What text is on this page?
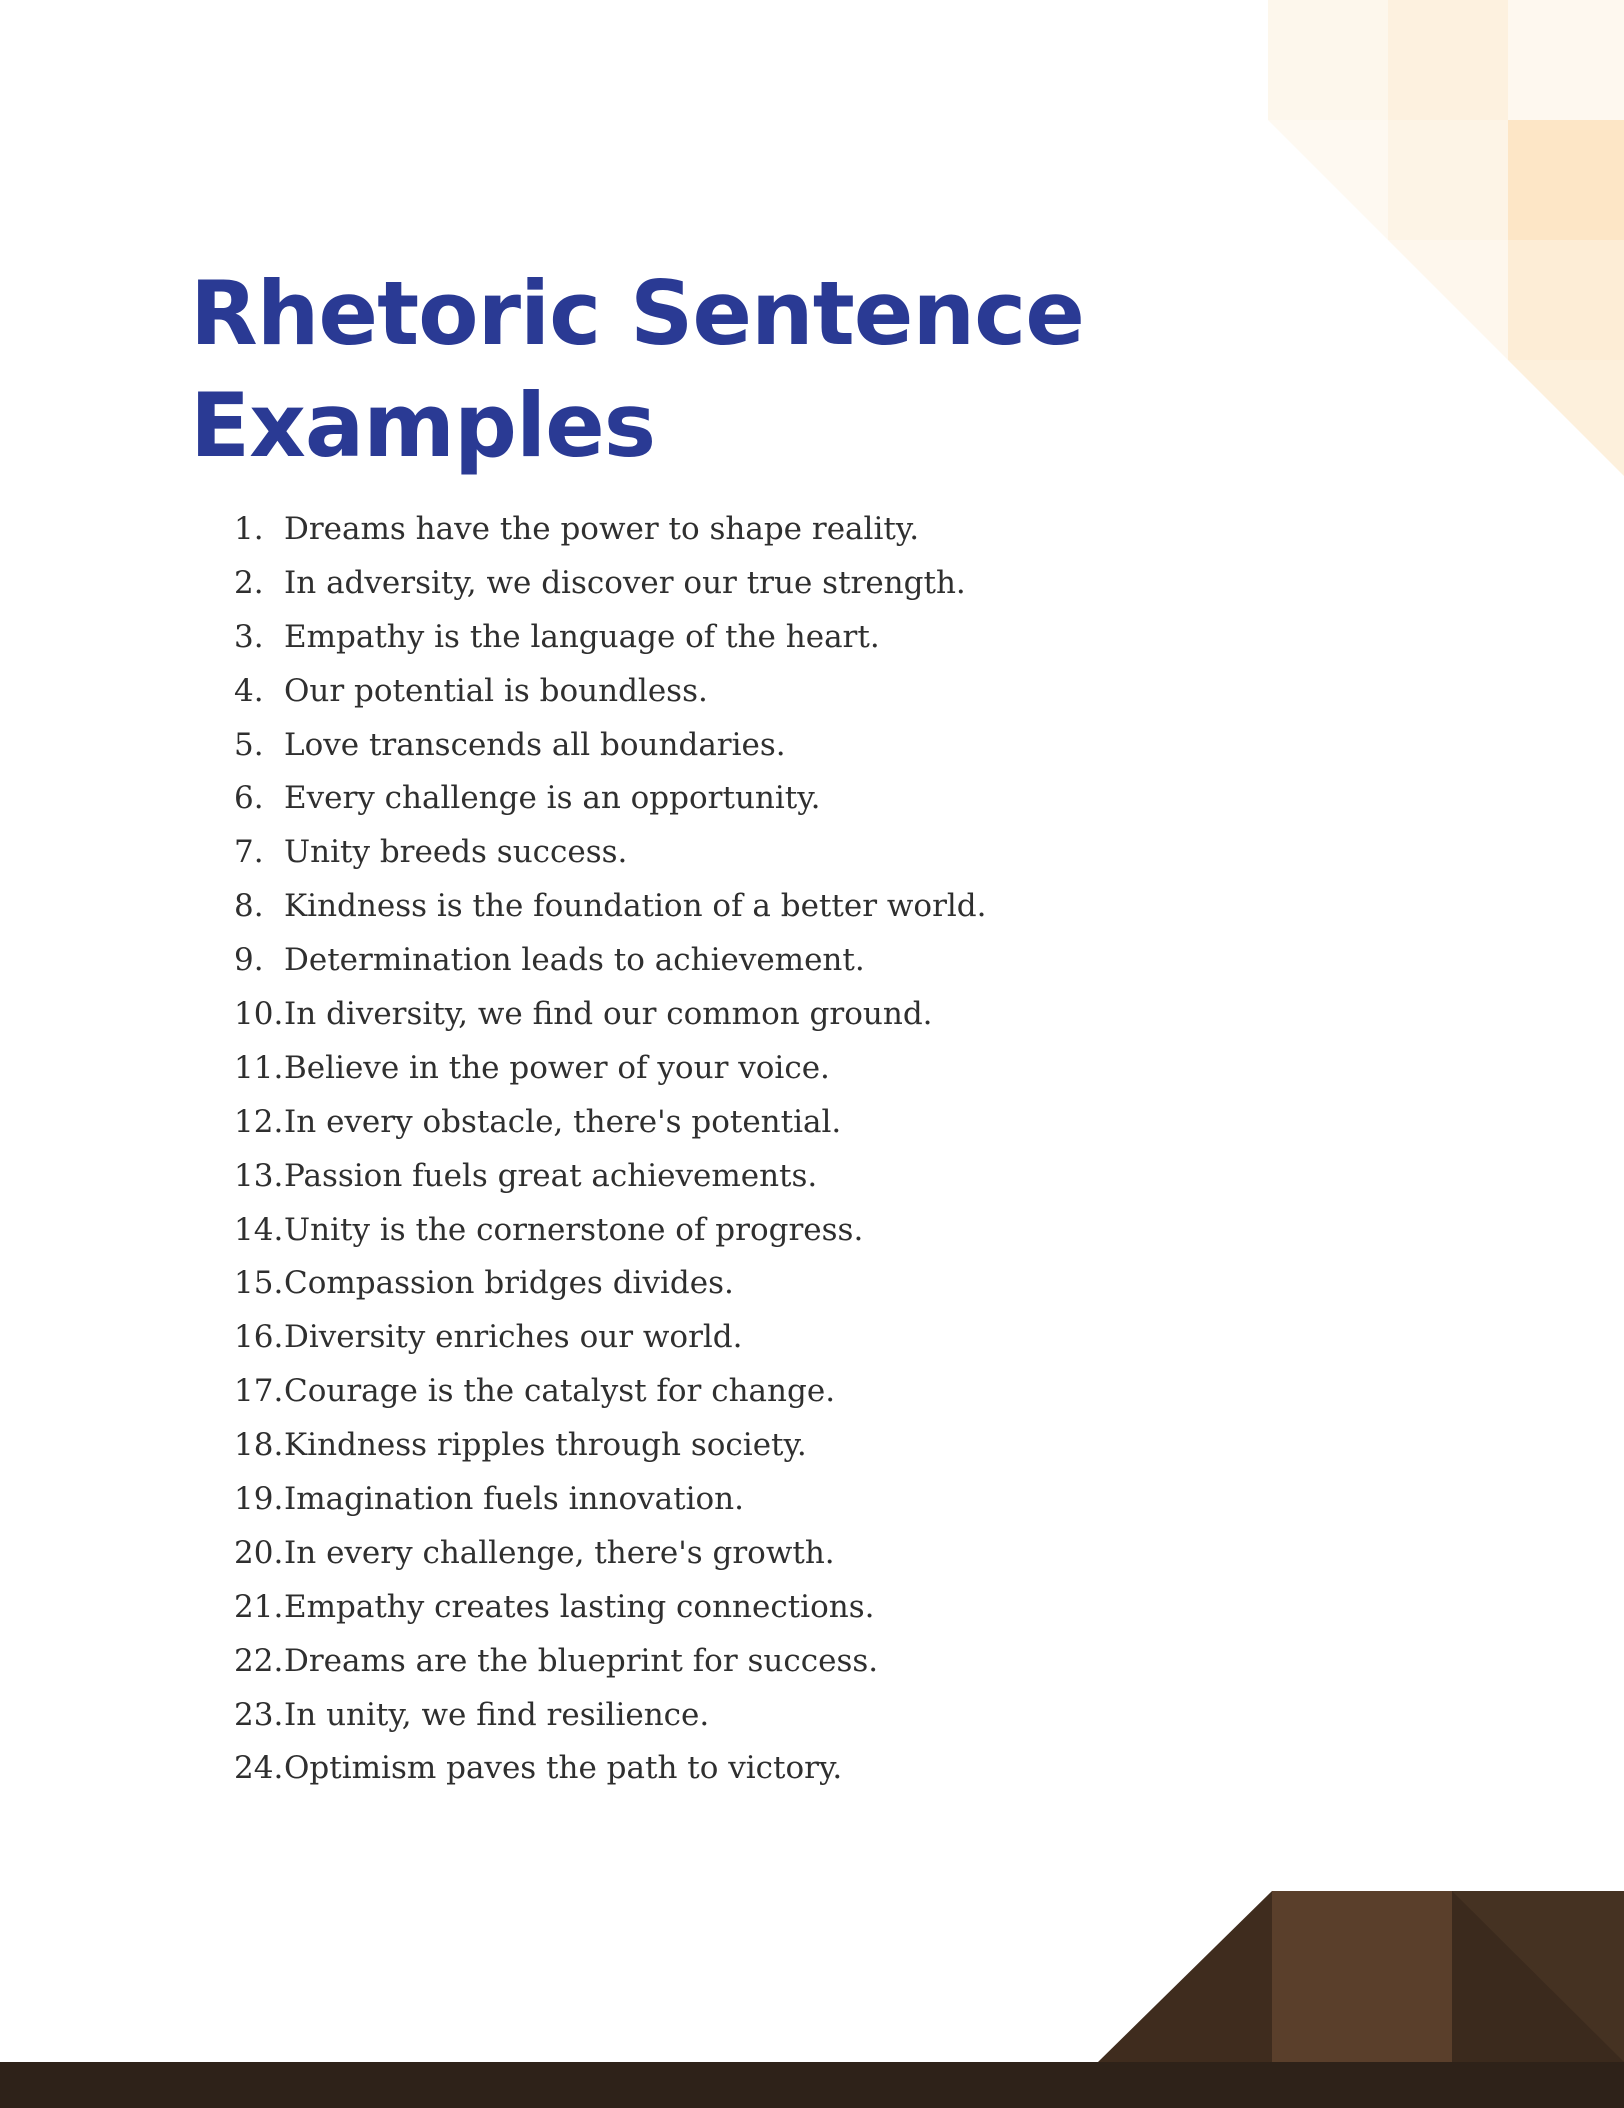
Rhetoric Sentence Examples
1. Dreams have the power to shape reality.
2. In adversity, we discover our true strength.
3. Empathy is the language of the heart.
4. Our potential is boundless.
5. Love transcends all boundaries.
6. Every challenge is an opportunity.
7. Unity breeds success.
8. Kindness is the foundation of a better world.
9. Determination leads to achievement.
10.In diversity, we find our common ground.
11.Believe in the power of your voice.
12.In every obstacle, there's potential.
13.Passion fuels great achievements.
14.Unity is the cornerstone of progress.
15.Compassion bridges divides.
16.Diversity enriches our world.
17.Courage is the catalyst for change.
18.Kindness ripples through society.
19.Imagination fuels innovation.
20.In every challenge, there's growth.
21.Empathy creates lasting connections.
22.Dreams are the blueprint for success.
23.In unity, we find resilience.
24.Optimism paves the path to victory.
